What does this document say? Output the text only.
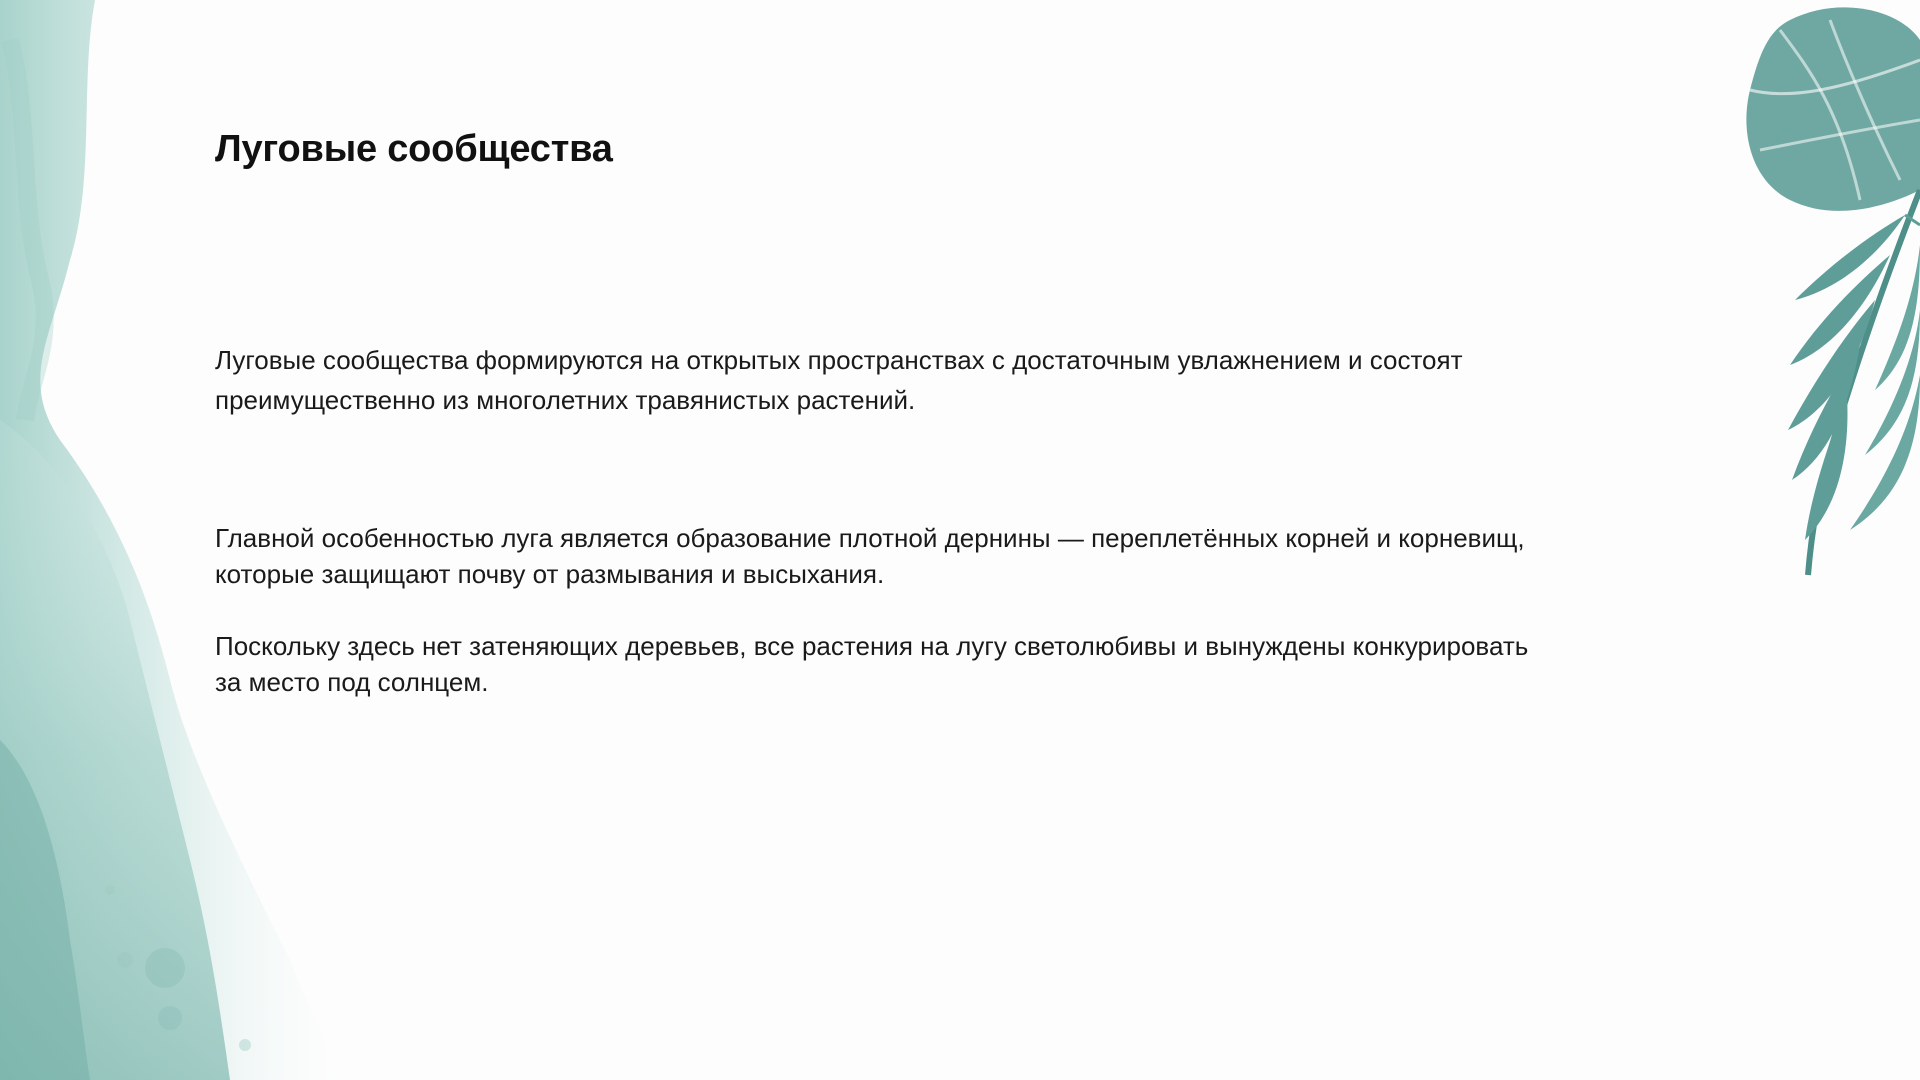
Луговые сообщества

Луговые сообщества формируются на открытых пространствах с достаточным увлажнением и состоят преимущественно из многолетних травянистых растений.

Главной особенностью луга является образование плотной дернины — переплетённых корней и корневищ, которые защищают почву от размывания и высыхания.

Поскольку здесь нет затеняющих деревьев, все растения на лугу светолюбивы и вынуждены конкурировать за место под солнцем.
